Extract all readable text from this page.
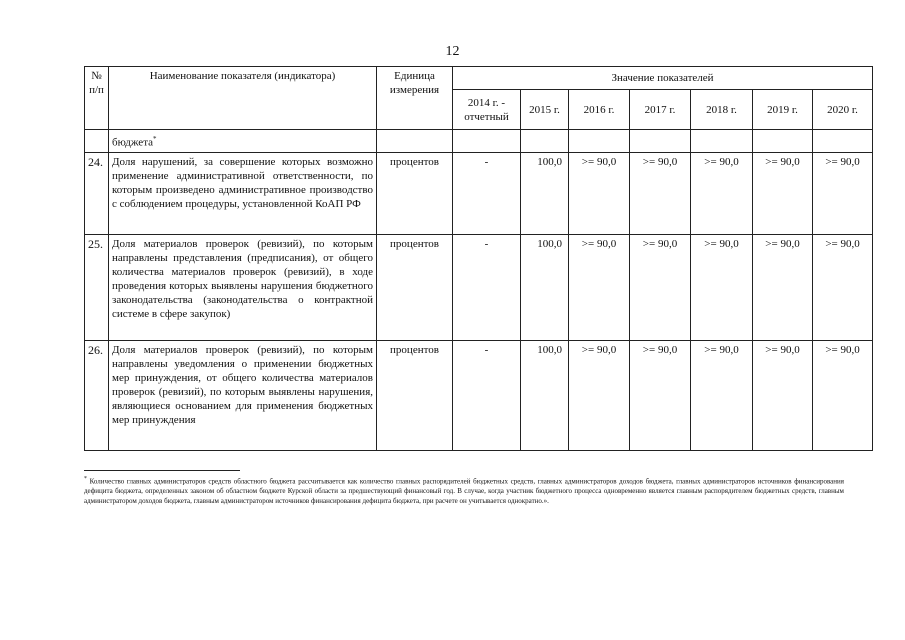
12
№ п/п	Наименование показателя (индикатора)	Единица измерения	Значение показателей						
			2014 г. - отчетный	2015 г.	2016 г.	2017 г.	2018 г.	2019 г.	2020 г.
	бюджета*								
24.	Доля нарушений, за совершение которых возможно применение административной ответственности, по которым произведено административное производство с соблюдением процедуры, установленной КоАП РФ	процентов	-	100,0	>= 90,0	>= 90,0	>= 90,0	>= 90,0	>= 90,0
25.	Доля материалов проверок (ревизий), по которым направлены представления (предписания), от общего количества материалов проверок (ревизий), в ходе проведения которых выявлены нарушения бюджетного законодательства (законодательства о контрактной системе в сфере закупок)	процентов	-	100,0	>= 90,0	>= 90,0	>= 90,0	>= 90,0	>= 90,0
26.	Доля материалов проверок (ревизий), по которым направлены уведомления о применении бюджетных мер принуждения, от общего количества материалов проверок (ревизий), по которым выявлены нарушения, являющиеся основанием для применения бюджетных мер принуждения	процентов	-	100,0	>= 90,0	>= 90,0	>= 90,0	>= 90,0	>= 90,0
* Количество главных администраторов средств областного бюджета рассчитывается как количество главных распорядителей бюджетных средств, главных администраторов доходов бюджета, главных администраторов источников финансирования дефицита бюджета, определенных законом об областном бюджете Курской области за предшествующий финансовый год. В случае, когда участник бюджетного процесса одновременно является главным распорядителем бюджетных средств, главным администратором доходов бюджета, главным администратором источников финансирования дефицита бюджета, при расчете он учитывается однократно.».
